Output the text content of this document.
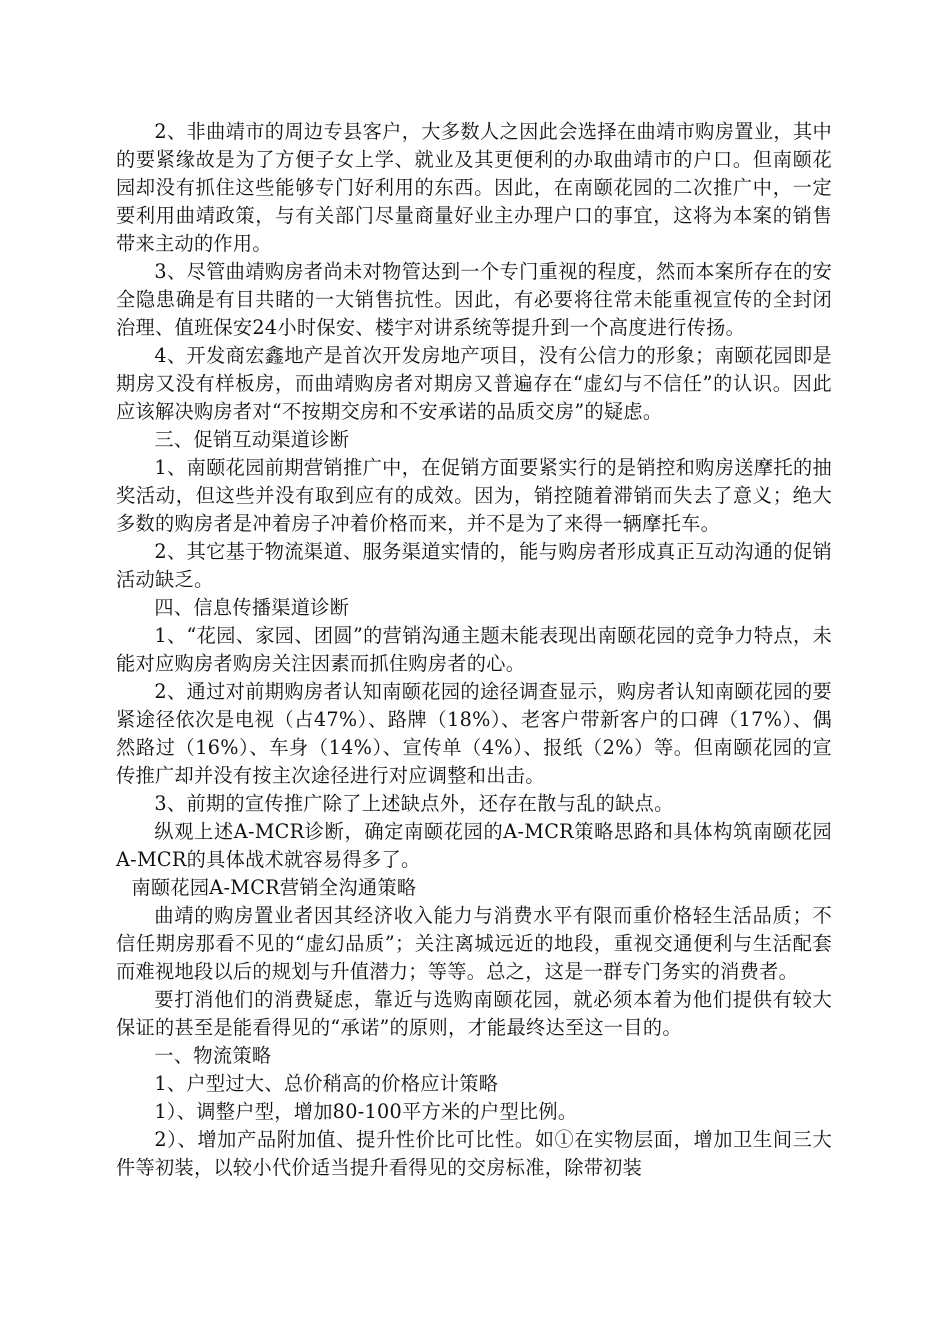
2、非曲靖市的周边专县客户，大多数人之因此会选择在曲靖市购房置业，其中的要紧缘故是为了方便子女上学、就业及其更便利的办取曲靖市的户口。但南颐花园却没有抓住这些能够专门好利用的东西。因此，在南颐花园的二次推广中，一定要利用曲靖政策，与有关部门尽量商量好业主办理户口的事宜，这将为本案的销售带来主动的作用。

3、尽管曲靖购房者尚未对物管达到一个专门重视的程度，然而本案所存在的安全隐患确是有目共睹的一大销售抗性。因此，有必要将往常未能重视宣传的全封闭治理、值班保安24小时保安、楼宇对讲系统等提升到一个高度进行传扬。

4、开发商宏鑫地产是首次开发房地产项目，没有公信力的形象；南颐花园即是期房又没有样板房，而曲靖购房者对期房又普遍存在“虚幻与不信任”的认识。因此应该解决购房者对“不按期交房和不安承诺的品质交房”的疑虑。

三、促销互动渠道诊断

1、南颐花园前期营销推广中，在促销方面要紧实行的是销控和购房送摩托的抽奖活动，但这些并没有取到应有的成效。因为，销控随着滞销而失去了意义；绝大多数的购房者是冲着房子冲着价格而来，并不是为了来得一辆摩托车。

2、其它基于物流渠道、服务渠道实情的，能与购房者形成真正互动沟通的促销活动缺乏。

四、信息传播渠道诊断

1、“花园、家园、团圆”的营销沟通主题未能表现出南颐花园的竞争力特点，未能对应购房者购房关注因素而抓住购房者的心。

2、通过对前期购房者认知南颐花园的途径调查显示，购房者认知南颐花园的要紧途径依次是电视（占47%）、路牌（18%）、老客户带新客户的口碑（17%）、偶然路过（16%）、车身（14%）、宣传单（4%）、报纸（2%）等。但南颐花园的宣传推广却并没有按主次途径进行对应调整和出击。

3、前期的宣传推广除了上述缺点外，还存在散与乱的缺点。

纵观上述A-MCR诊断，确定南颐花园的A-MCR策略思路和具体构筑南颐花园A-MCR的具体战术就容易得多了。

南颐花园A-MCR营销全沟通策略

曲靖的购房置业者因其经济收入能力与消费水平有限而重价格轻生活品质；不信任期房那看不见的“虚幻品质”；关注离城远近的地段，重视交通便利与生活配套而难视地段以后的规划与升值潜力；等等。总之，这是一群专门务实的消费者。

要打消他们的消费疑虑，靠近与选购南颐花园，就必须本着为他们提供有较大保证的甚至是能看得见的“承诺”的原则，才能最终达至这一目的。

一、物流策略

1、户型过大、总价稍高的价格应计策略

1）、调整户型，增加80-100平方米的户型比例。

2）、增加产品附加值、提升性价比可比性。如①在实物层面，增加卫生间三大件等初装，以较小代价适当提升看得见的交房标准，除带初装
